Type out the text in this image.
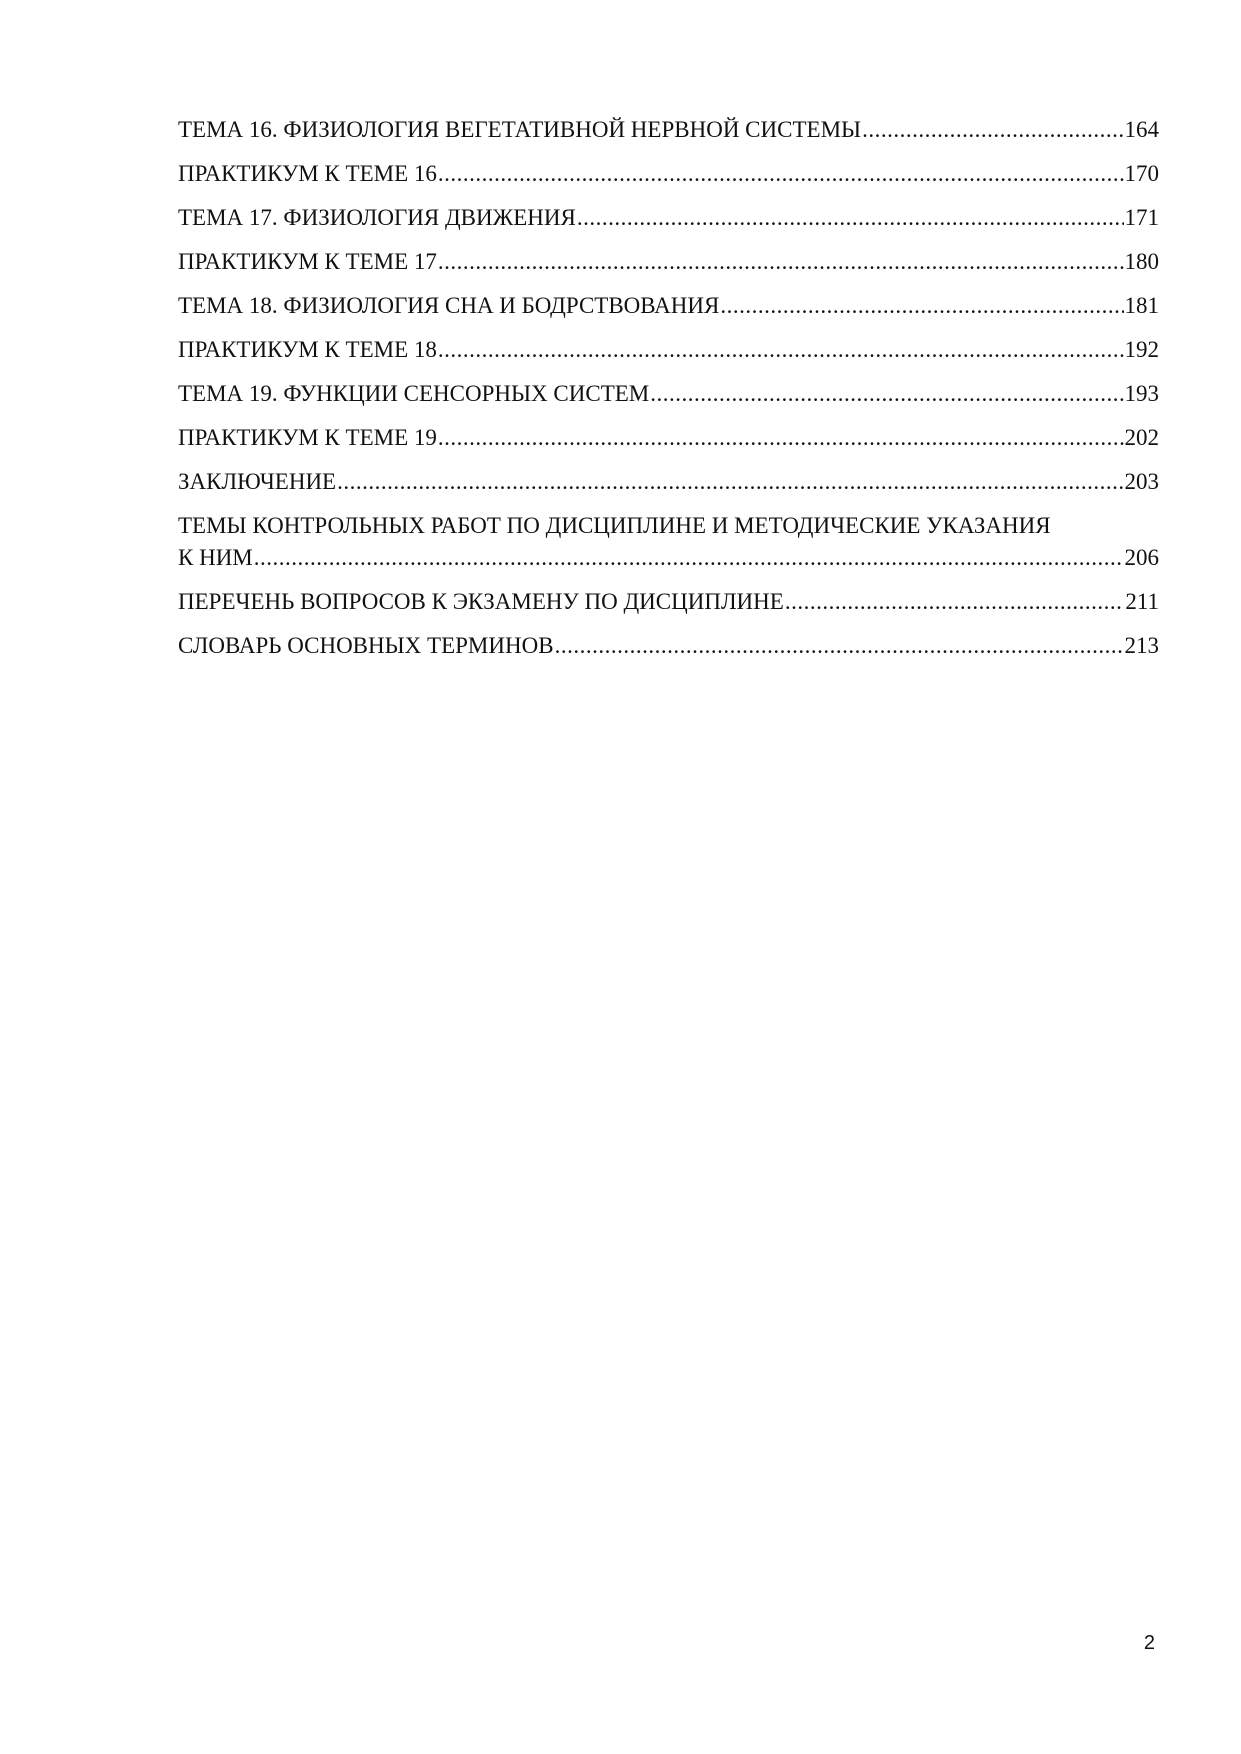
ТЕМА 16. ФИЗИОЛОГИЯ ВЕГЕТАТИВНОЙ НЕРВНОЙ СИСТЕМЫ .....	164
ПРАКТИКУМ К ТЕМЕ 16 .....	170
ТЕМА 17. ФИЗИОЛОГИЯ ДВИЖЕНИЯ .....	171
ПРАКТИКУМ К ТЕМЕ 17 .....	180
ТЕМА 18. ФИЗИОЛОГИЯ СНА И БОДРСТВОВАНИЯ .....	181
ПРАКТИКУМ К ТЕМЕ 18 .....	192
ТЕМА 19. ФУНКЦИИ СЕНСОРНЫХ СИСТЕМ .....	193
ПРАКТИКУМ К ТЕМЕ 19 .....	202
ЗАКЛЮЧЕНИЕ .....	203
ТЕМЫ КОНТРОЛЬНЫХ РАБОТ ПО ДИСЦИПЛИНЕ И МЕТОДИЧЕСКИЕ УКАЗАНИЯ
К НИМ .....	206
ПЕРЕЧЕНЬ ВОПРОСОВ К ЭКЗАМЕНУ ПО ДИСЦИПЛИНЕ .....	211
СЛОВАРЬ ОСНОВНЫХ ТЕРМИНОВ .....	213
2
